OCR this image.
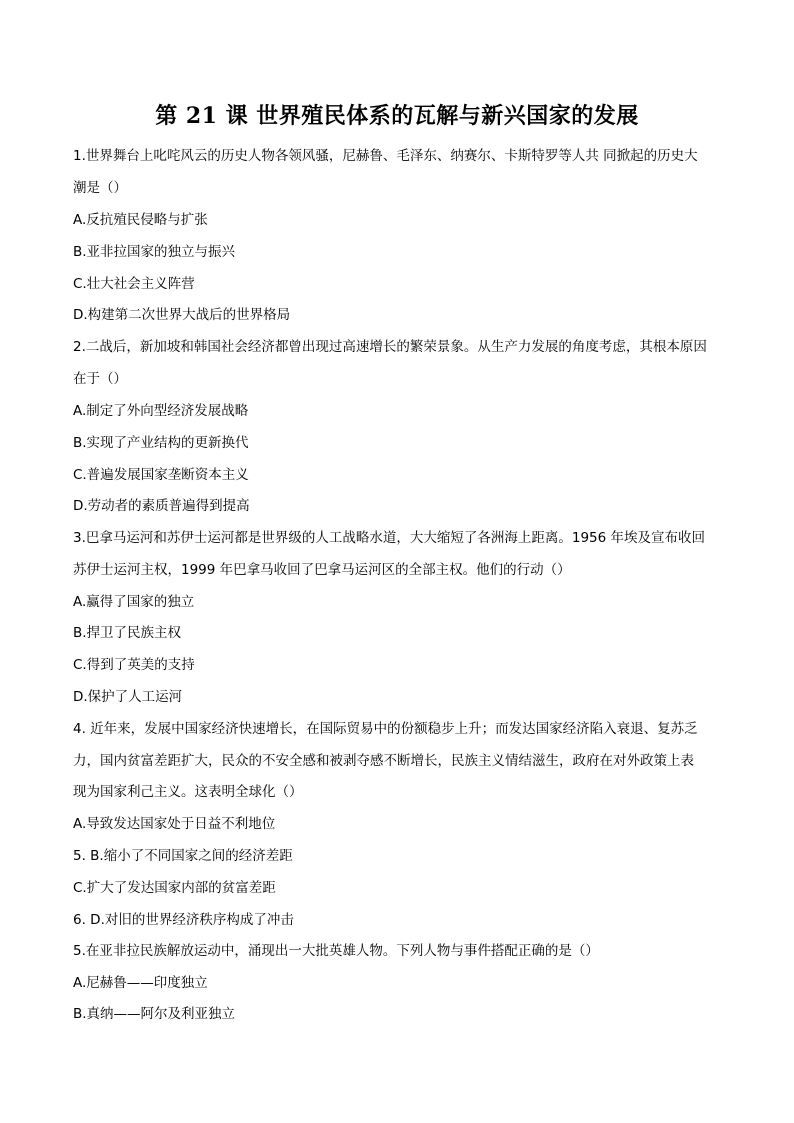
第 21 课 世界殖民体系的瓦解与新兴国家的发展
1.世界舞台上叱咤风云的历史人物各领风骚，尼赫鲁、毛泽东、纳赛尔、卡斯特罗等人共 同掀起的历史大
潮是（）
A.反抗殖民侵略与扩张
B.亚非拉国家的独立与振兴
C.壮大社会主义阵营
D.构建第二次世界大战后的世界格局
2.二战后，新加坡和韩国社会经济都曾出现过高速增长的繁荣景象。从生产力发展的角度考虑，其根本原因
在于（）
A.制定了外向型经济发展战略
B.实现了产业结构的更新换代
C.普遍发展国家垄断资本主义
D.劳动者的素质普遍得到提高
3.巴拿马运河和苏伊士运河都是世界级的人工战略水道，大大缩短了各洲海上距离。1956 年埃及宣布收回
苏伊士运河主权，1999 年巴拿马收回了巴拿马运河区的全部主权。他们的行动（）
A.赢得了国家的独立
B.捍卫了民族主权
C.得到了英美的支持
D.保护了人工运河
4. 近年来，发展中国家经济快速增长，在国际贸易中的份额稳步上升；而发达国家经济陷入衰退、复苏乏
力，国内贫富差距扩大，民众的不安全感和被剥夺感不断增长，民族主义情结滋生，政府在对外政策上表
现为国家利己主义。这表明全球化（）
A.导致发达国家处于日益不利地位
5. B.缩小了不同国家之间的经济差距
C.扩大了发达国家内部的贫富差距
6. D.对旧的世界经济秩序构成了冲击
5.在亚非拉民族解放运动中，涌现出一大批英雄人物。下列人物与事件搭配正确的是（）
A.尼赫鲁——印度独立
B.真纳——阿尔及利亚独立
